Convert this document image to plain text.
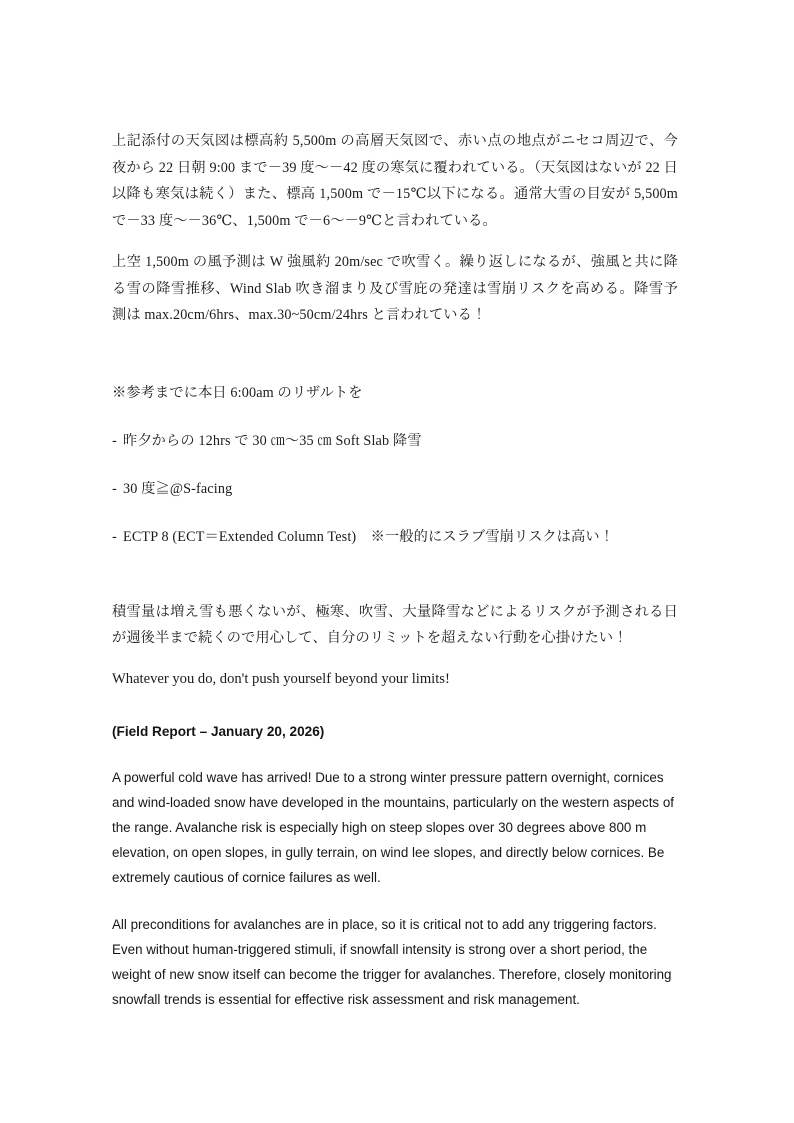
上記添付の天気図は標高約 5,500m の高層天気図で、赤い点の地点がニセコ周辺で、今夜から 22 日朝 9:00 まで－39 度～－42 度の寒気に覆われている。（天気図はないが 22 日以降も寒気は続く）また、標高 1,500m で－15℃以下になる。通常大雪の目安が 5,500m で－33 度～－36℃、1,500m で－6～－9℃と言われている。

上空 1,500m の風予測は W 強風約 20m/sec で吹雪く。繰り返しになるが、強風と共に降る雪の降雪推移、Wind Slab 吹き溜まり及び雪庇の発達は雪崩リスクを高める。降雪予測は max.20cm/6hrs、max.30~50cm/24hrs と言われている！

※参考までに本日 6:00am のリザルトを

- 昨夕からの 12hrs で 30 ㎝～35 ㎝ Soft Slab 降雪
- 30 度≧@S-facing
- ECTP 8 (ECT＝Extended Column Test)　※一般的にスラブ雪崩リスクは高い！

積雪量は増え雪も悪くないが、極寒、吹雪、大量降雪などによるリスクが予測される日が週後半まで続くので用心して、自分のリミットを超えない行動を心掛けたい！

Whatever you do, don't push yourself beyond your limits!

(Field Report – January 20, 2026)

A powerful cold wave has arrived! Due to a strong winter pressure pattern overnight, cornices and wind-loaded snow have developed in the mountains, particularly on the western aspects of the range. Avalanche risk is especially high on steep slopes over 30 degrees above 800 m elevation, on open slopes, in gully terrain, on wind lee slopes, and directly below cornices. Be extremely cautious of cornice failures as well.

All preconditions for avalanches are in place, so it is critical not to add any triggering factors. Even without human-triggered stimuli, if snowfall intensity is strong over a short period, the weight of new snow itself can become the trigger for avalanches. Therefore, closely monitoring snowfall trends is essential for effective risk assessment and risk management.
